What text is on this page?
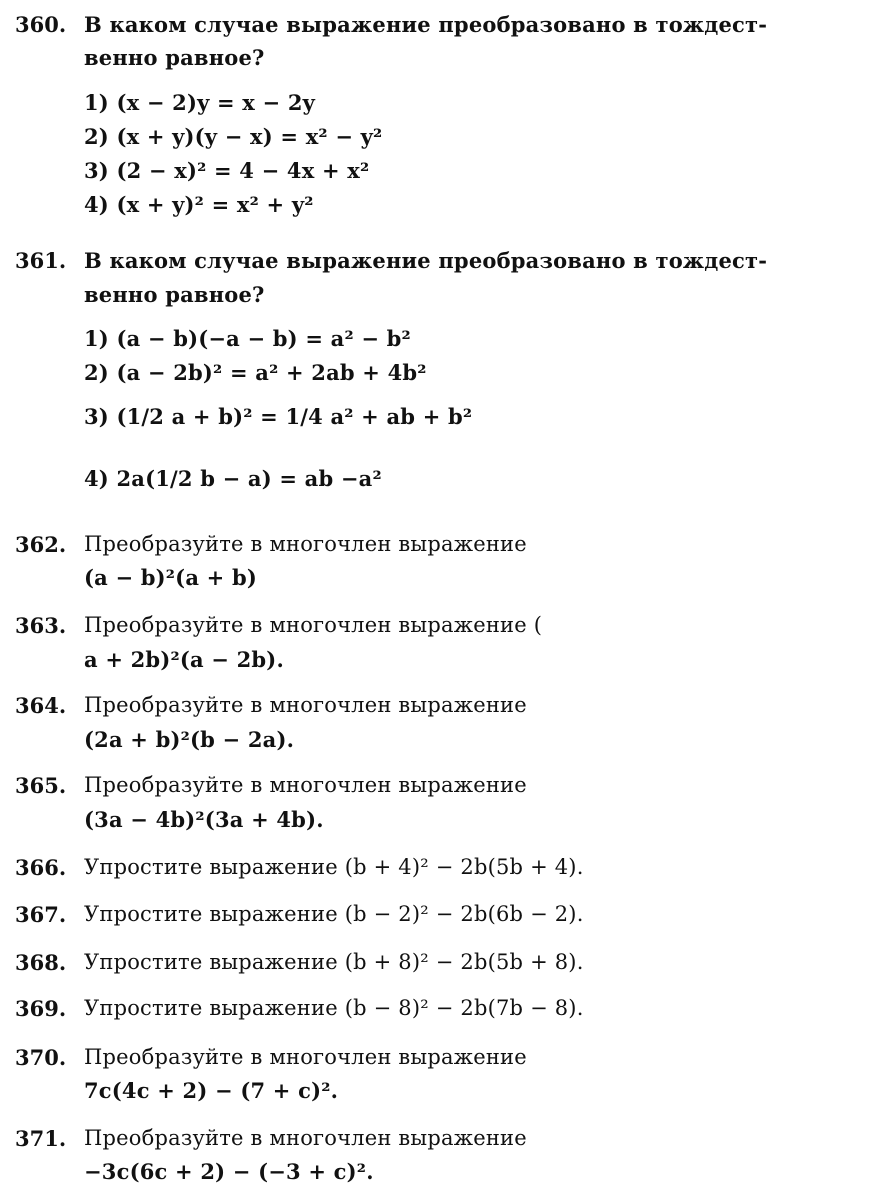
360. В каком случае выражение преобразовано в тождест-
венно равное?
1) (x − 2)y = x − 2y
2) (x + y)(y − x) = x² − y²
3) (2 − x)² = 4 − 4x + x²
4) (x + y)² = x² + y²
361. В каком случае выражение преобразовано в тождест-
венно равное?
1) (a − b)(−a − b) = a² − b²
2) (a − 2b)² = a² + 2ab + 4b²
3) (1/2 a + b)² = 1/4 a² + ab + b²
4) 2a(1/2 b − a) = ab −a²
362. Преобразуйте в многочлен выражение
(a − b)²(a + b)
363. Преобразуйте в многочлен выражение (
a + 2b)²(a − 2b).
364. Преобразуйте в многочлен выражение
(2a + b)²(b − 2a).
365. Преобразуйте в многочлен выражение
(3a − 4b)²(3a + 4b).
366. Упростите выражение (b + 4)² − 2b(5b + 4).
367. Упростите выражение (b − 2)² − 2b(6b − 2).
368. Упростите выражение (b + 8)² − 2b(5b + 8).
369. Упростите выражение (b − 8)² − 2b(7b − 8).
370. Преобразуйте в многочлен выражение
7c(4c + 2) − (7 + c)².
371. Преобразуйте в многочлен выражение
−3c(6c + 2) − (−3 + c)².
